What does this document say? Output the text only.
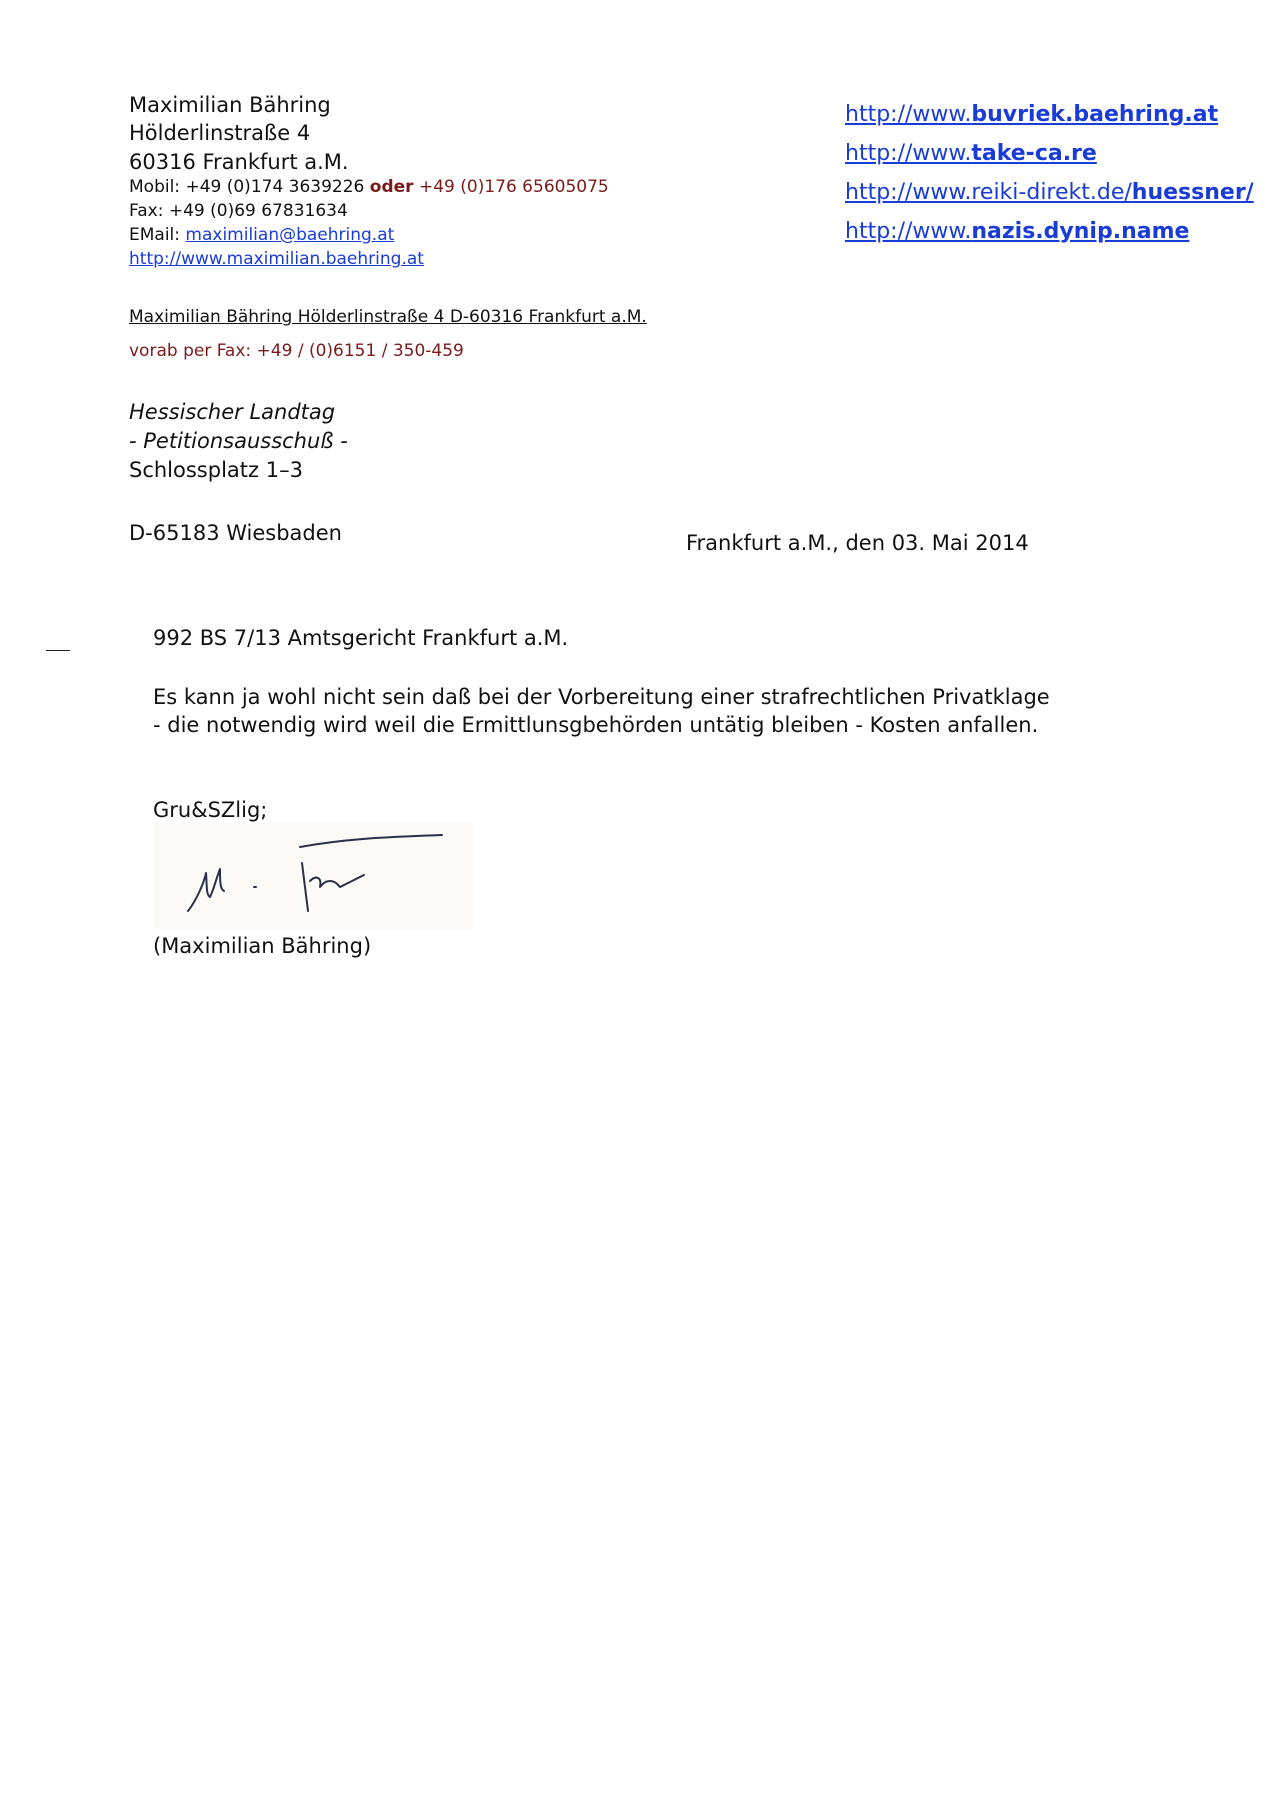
Maximilian Bähring
Hölderlinstraße 4
60316 Frankfurt a.M.
Mobil: +49 (0)174 3639226 oder +49 (0)176 65605075
Fax: +49 (0)69 67831634
EMail: maximilian@baehring.at
http://www.maximilian.baehring.at
http://www.buvriek.baehring.at
http://www.take-ca.re
http://www.reiki-direkt.de/huessner/
http://www.nazis.dynip.name
Maximilian Bähring Hölderlinstraße 4 D-60316 Frankfurt a.M.
vorab per Fax: +49 / (0)6151 / 350-459
Hessischer Landtag
- Petitionsausschuß -
Schlossplatz 1–3
D-65183 Wiesbaden	Frankfurt a.M., den 03. Mai 2014
992 BS 7/13 Amtsgericht Frankfurt a.M.
Es kann ja wohl nicht sein daß bei der Vorbereitung einer strafrechtlichen Privatklage
- die notwendig wird weil die Ermittlunsgbehörden untätig bleiben - Kosten anfallen.
Gru&SZlig;
(Maximilian Bähring)
